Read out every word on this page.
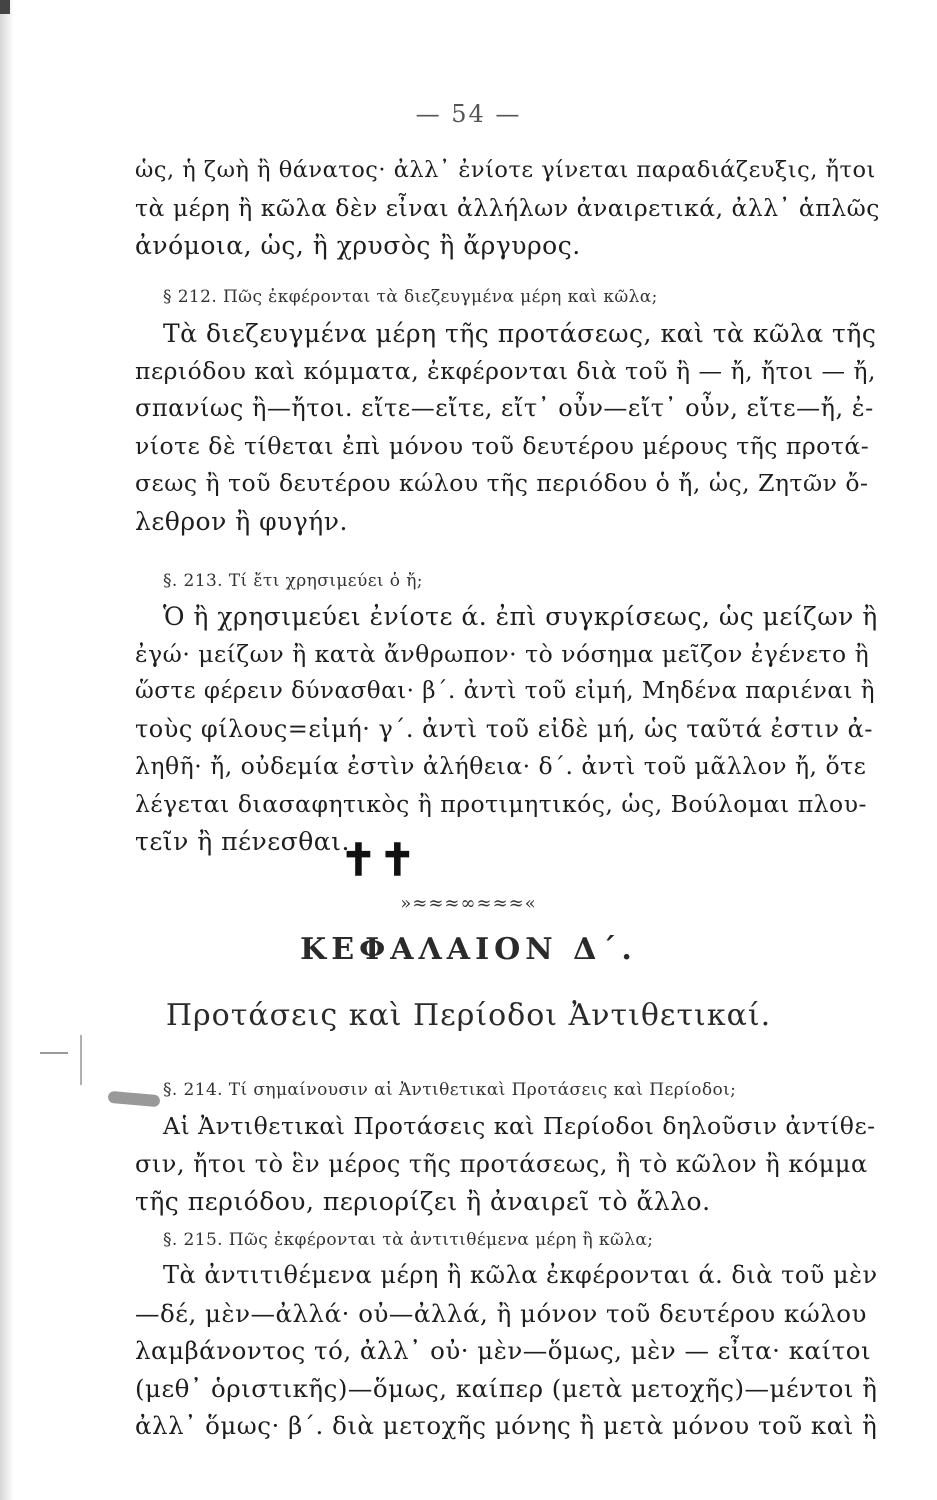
— 54 —
ὡς, ἡ ζωὴ ἢ θάνατος· ἀλλ᾽ ἐνίοτε γίνεται παραδιάζευξις, ἤτοι
τὰ μέρη ἢ κῶλα δὲν εἶναι ἀλλήλων ἀναιρετικά, ἀλλ᾽ ἁπλῶς
ἀνόμοια, ὡς, ἢ χρυσὸς ἢ ἄργυρος.
§ 212. Πῶς ἐκφέρονται τὰ διεζευγμένα μέρη καὶ κῶλα;
Τὰ διεζευγμένα μέρη τῆς προτάσεως, καὶ τὰ κῶλα τῆς
περιόδου καὶ κόμματα, ἐκφέρονται διὰ τοῦ ἢ — ἤ, ἤτοι — ἤ,
σπανίως ἢ—ἤτοι. εἴτε—εἴτε, εἴτ᾽ οὖν—εἴτ᾽ οὖν, εἴτε—ἤ, ἐ-
νίοτε δὲ τίθεται ἐπὶ μόνου τοῦ δευτέρου μέρους τῆς προτά-
σεως ἢ τοῦ δευτέρου κώλου τῆς περιόδου ὁ ἤ, ὡς, Ζητῶν ὄ-
λεθρον ἢ φυγήν.
§. 213. Τί ἔτι χρησιμεύει ὁ ἤ;
Ὁ ἢ χρησιμεύει ἐνίοτε ά. ἐπὶ συγκρίσεως, ὡς μείζων ἢ
ἐγώ· μείζων ἢ κατὰ ἄνθρωπον· τὸ νόσημα μεῖζον ἐγένετο ἢ
ὥστε φέρειν δύνασθαι· β΄. ἀντὶ τοῦ εἰμή, Μηδένα παριέναι ἢ
τοὺς φίλους=εἰμή· γ΄. ἀντὶ τοῦ εἰδὲ μή, ὡς ταῦτά ἐστιν ἀ-
ληθῆ· ἤ, οὐδεμία ἐστὶν ἀλήθεια· δ΄. ἀντὶ τοῦ μᾶλλον ἤ, ὅτε
λέγεται διασαφητικὸς ἢ προτιμητικός, ὡς, Βούλομαι πλου-
τεῖν ἢ πένεσθαι.
✝✝
»≈≈≈∞≈≈≈«
ΚΕΦΑΛΑΙΟΝ Δ΄.
Προτάσεις καὶ Περίοδοι Ἀντιθετικαί.
§. 214. Τί σημαίνουσιν αἱ Ἀντιθετικαὶ Προτάσεις καὶ Περίοδοι;
Αἱ Ἀντιθετικαὶ Προτάσεις καὶ Περίοδοι δηλοῦσιν ἀντίθε-
σιν, ἤτοι τὸ ἓν μέρος τῆς προτάσεως, ἢ τὸ κῶλον ἢ κόμμα
τῆς περιόδου, περιορίζει ἢ ἀναιρεῖ τὸ ἄλλο.
§. 215. Πῶς ἐκφέρονται τὰ ἀντιτιθέμενα μέρη ἢ κῶλα;
Τὰ ἀντιτιθέμενα μέρη ἢ κῶλα ἐκφέρονται ά. διὰ τοῦ μὲν
—δέ, μὲν—ἀλλά· οὐ—ἀλλά, ἢ μόνον τοῦ δευτέρου κώλου
λαμβάνοντος τό, ἀλλ᾽ οὐ· μὲν—ὅμως, μὲν — εἶτα· καίτοι
(μεθ᾽ ὁριστικῆς)—ὅμως, καίπερ (μετὰ μετοχῆς)—μέντοι ἢ
ἀλλ᾽ ὅμως· β΄. διὰ μετοχῆς μόνης ἢ μετὰ μόνου τοῦ καὶ ἢ
